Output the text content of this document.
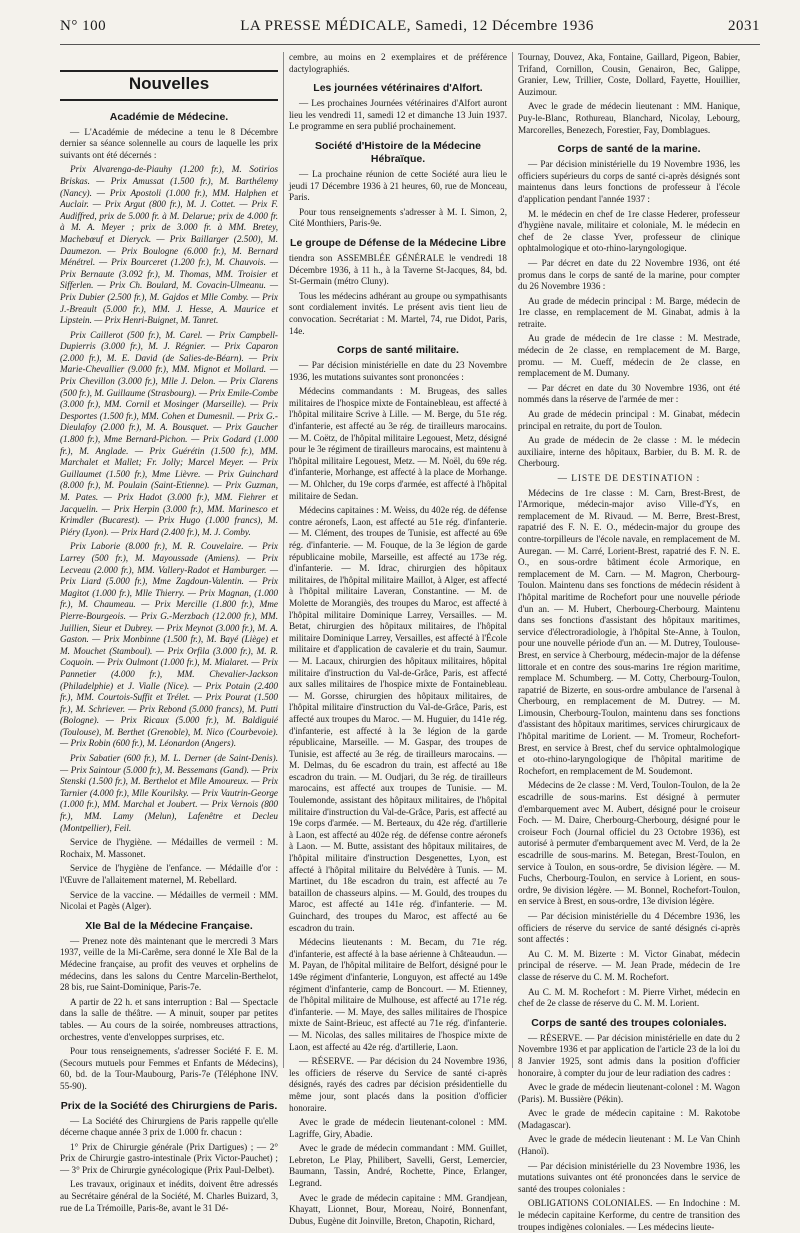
N° 100	LA PRESSE MÉDICALE, Samedi, 12 Décembre 1936	2031
Nouvelles
Académie de Médecine.

— L'Académie de médecine a tenu le 8 Décembre dernier sa séance solennelle au cours de laquelle les prix suivants ont été décernés :

Prix Alvarenga-de-Piauhy (1.200 fr.), M. Sotirios Briskas. — Prix Amussat (1.500 fr.), M. Barthélemy (Nancy). — Prix Apostoli (1.000 fr.), MM. Halphen et Auclair. — Prix Argut (800 fr.), M. J. Cottet. — Prix F. Audiffred, prix de 5.000 fr. à M. Delarue; prix de 4.000 fr. à M. A. Meyer ; prix de 3.000 fr. à MM. Bretey, Machebœuf et Dieryck. — Prix Baillarger (2.500), M. Daumezon. — Prix Boulogne (6.000 fr.), M. Bernard Ménétrel. — Prix Bourceret (1.200 fr.), M. Chauvois. — Prix Bernaute (3.092 fr.), M. Thomas, MM. Troisier et Sifferlen. — Prix Ch. Boulard, M. Covacin-Ulmeanu. — Prix Dubier (2.500 fr.), M. Gajdos et Mlle Comby. — Prix J.-Breault (5.000 fr.), MM. J. Hesse, A. Maurice et Lipstein. — Prix Henri-Buignet, M. Tanret.

Prix Caillerot (500 fr.), M. Carel. — Prix Campbell-Dupierris (3.000 fr.), M. J. Régnier. — Prix Caparon (2.000 fr.), M. E. David (de Salies-de-Béarn). — Prix Marie-Chevallier (9.000 fr.), MM. Mignot et Mollard. — Prix Chevillon (3.000 fr.), Mlle J. Delon. — Prix Clarens (500 fr.), M. Guillaume (Strasbourg). — Prix Emile-Combe (3.000 fr.), MM. Cornil et Mosinger (Marseille). — Prix Desportes (1.500 fr.), MM. Cohen et Dumesnil. — Prix G.-Dieulafoy (2.000 fr.), M. A. Bousquet. — Prix Gaucher (1.800 fr.), Mme Bernard-Pichon. — Prix Godard (1.000 fr.), M. Anglade. — Prix Guérétin (1.500 fr.), MM. Marchalet et Mallet; Fr. Jolly; Marcel Meyer. — Prix Guillaumet (1.500 fr.), Mme Lièvre. — Prix Guinchard (8.000 fr.), M. Poulain (Saint-Etienne). — Prix Guzman, M. Pates. — Prix Hadot (3.000 fr.), MM. Fiehrer et Jacquelin. — Prix Herpin (3.000 fr.), MM. Marinesco et Krimdler (Bucarest). — Prix Hugo (1.000 francs), M. Piéry (Lyon). — Prix Hard (2.400 fr.), M. J. Comby.

Prix Laborie (8.000 fr.), M. R. Couvelaire. — Prix Larrey (500 fr.), M. Mayoussade (Amiens). — Prix Lecveau (2.000 fr.), MM. Vallery-Radot et Hamburger. — Prix Liard (5.000 fr.), Mme Zagdoun-Valentin. — Prix Magitot (1.000 fr.), Mlle Thierry. — Prix Magnan, (1.000 fr.), M. Chaumeau. — Prix Mercille (1.800 fr.), Mme Pierre-Bourgeois. — Prix G.-Merzbach (12.000 fr.), MM. Juillien, Sieur et Dubrey. — Prix Meynot (3.000 fr.), M. A. Gaston. — Prix Monbinne (1.500 fr.), M. Bayé (Liège) et M. Mouchet (Stamboul). — Prix Orfila (3.000 fr.), M. R. Coquoin. — Prix Oulmont (1.000 fr.), M. Mialaret. — Prix Pannetier (4.000 fr.), MM. Chevalier-Jackson (Philadelphie) et J. Vialle (Nice). — Prix Potain (2.400 fr.), MM. Courtois-Suffit et Trélet. — Prix Pourat (1.500 fr.), M. Schriever. — Prix Rebond (5.000 francs), M. Putti (Bologne). — Prix Ricaux (5.000 fr.), M. Baldiguié (Toulouse), M. Berthet (Grenoble), M. Nico (Courbevoie). — Prix Robin (600 fr.), M. Léonardon (Angers).

Prix Sabatier (600 fr.), M. L. Derner (de Saint-Denis). — Prix Saintour (5.000 fr.), M. Bessemans (Gand). — Prix Stenski (1.500 fr.), M. Berthelot et Mlle Amoureux. — Prix Tarnier (4.000 fr.), Mlle Kourilsky. — Prix Vautrin-George (1.000 fr.), MM. Marchal et Joubert. — Prix Vernois (800 fr.), MM. Lamy (Melun), Lafenêtre et Decleu (Montpellier), Feil.

Service de l'hygiène. — Médailles de vermeil : M. Rochaix, M. Massonet.

Service de l'hygiène de l'enfance. — Médaille d'or : l'Œuvre de l'allaitement maternel, M. Rebellard.

Service de la vaccine. — Médailles de vermeil : MM. Nicolai et Pagès (Alger).

XIe Bal de la Médecine Française.

— Prenez note dès maintenant que le mercredi 3 Mars 1937, veille de la Mi-Carême, sera donné le XIe Bal de la Médecine française, au profit des veuves et orphelins de médecins, dans les salons du Centre Marcelin-Berthelot, 28 bis, rue Saint-Dominique, Paris-7e.

A partir de 22 h. et sans interruption : Bal — Spectacle dans la salle de théâtre. — A minuit, souper par petites tables. — Au cours de la soirée, nombreuses attractions, orchestres, vente d'enveloppes surprises, etc.

Pour tous renseignements, s'adresser Société F. E. M. (Secours mutuels pour Femmes et Enfants de Médecins), 60, bd. de la Tour-Maubourg, Paris-7e (Téléphone INV. 55-90).

Prix de la Société des Chirurgiens de Paris.

— La Société des Chirurgiens de Paris rappelle qu'elle décerne chaque année 3 prix de 1.000 fr. chacun :

1° Prix de Chirurgie générale (Prix Dartigues) ; — 2° Prix de Chirurgie gastro-intestinale (Prix Victor-Pauchet) ; — 3° Prix de Chirurgie gynécologique (Prix Paul-Delbet).

Les travaux, originaux et inédits, doivent être adressés au Secrétaire général de la Société, M. Charles Buizard, 3, rue de La Trémoille, Paris-8e, avant le 31 Dé-

cembre, au moins en 2 exemplaires et de préférence dactylographiés.

Les journées vétérinaires d'Alfort.

— Les prochaines Journées vétérinaires d'Alfort auront lieu les vendredi 11, samedi 12 et dimanche 13 Juin 1937. Le programme en sera publié prochainement.

Société d'Histoire de la Médecine Hébraïque.

— La prochaine réunion de cette Société aura lieu le jeudi 17 Décembre 1936 à 21 heures, 60, rue de Monceau, Paris.

Pour tous renseignements s'adresser à M. I. Simon, 2, Cité Monthiers, Paris-9e.

Le groupe de Défense de la Médecine Libre

tiendra son ASSEMBLÉE GÉNÉRALE le vendredi 18 Décembre 1936, à 11 h., à la Taverne St-Jacques, 84, bd. St-Germain (métro Cluny).

Tous les médecins adhérant au groupe ou sympathisants sont cordialement invités. Le présent avis tient lieu de convocation. Secrétariat : M. Martel, 74, rue Didot, Paris, 14e.

Corps de santé militaire.

— Par décision ministérielle en date du 23 Novembre 1936, les mutations suivantes sont prononcées :

Médecins commandants : M. Brugeas, des salles militaires de l'hospice mixte de Fontainebleau, est affecté à l'hôpital militaire Scrive à Lille. — M. Berge, du 51e rég. d'infanterie, est affecté au 3e rég. de tirailleurs marocains. — M. Coëtz, de l'hôpital militaire Legouest, Metz, désigné pour le 3e régiment de tirailleurs marocains, est maintenu à l'hôpital militaire Legouest, Metz. — M. Noël, du 69e rég. d'infanterie, Morhange, est affecté à la place de Morhange. — M. Ohlcher, du 19e corps d'armée, est affecté à l'hôpital militaire de Sedan.

Médecins capitaines : M. Weiss, du 402e rég. de défense contre aéronefs, Laon, est affecté au 51e rég. d'infanterie. — M. Clément, des troupes de Tunisie, est affecté au 69e rég. d'infanterie. — M. Fouque, de la 3e légion de garde républicaine mobile, Marseille, est affecté au 173e rég. d'infanterie. — M. Idrac, chirurgien des hôpitaux militaires, de l'hôpital militaire Maillot, à Alger, est affecté à l'hôpital militaire Laveran, Constantine. — M. de Molette de Morangiès, des troupes du Maroc, est affecté à l'hôpital militaire Dominique Larrey, Versailles. — M. Betat, chirurgien des hôpitaux militaires, de l'hôpital militaire Dominique Larrey, Versailles, est affecté à l'École militaire et d'application de cavalerie et du train, Saumur. — M. Lacaux, chirurgien des hôpitaux militaires, hôpital militaire d'instruction du Val-de-Grâce, Paris, est affecté aux salles militaires de l'hospice mixte de Fontainebleau. — M. Gorsse, chirurgien des hôpitaux militaires, de l'hôpital militaire d'instruction du Val-de-Grâce, Paris, est affecté aux troupes du Maroc. — M. Huguier, du 141e rég. d'infanterie, est affecté à la 3e légion de la garde républicaine, Marseille. — M. Gaspar, des troupes de Tunisie, est affecté au 3e rég. de tirailleurs marocains. — M. Delmas, du 6e escadron du train, est affecté au 18e escadron du train. — M. Oudjari, du 3e rég. de tirailleurs marocains, est affecté aux troupes de Tunisie. — M. Toulemonde, assistant des hôpitaux militaires, de l'hôpital militaire d'instruction du Val-de-Grâce, Paris, est affecté au 19e corps d'armée. — M. Berteaux, du 42e rég. d'artillerie à Laon, est affecté au 402e rég. de défense contre aéronefs à Laon. — M. Butte, assistant des hôpitaux militaires, de l'hôpital militaire d'instruction Desgenettes, Lyon, est affecté à l'hôpital militaire du Belvédère à Tunis. — M. Martinet, du 18e escadron du train, est affecté au 7e bataillon de chasseurs alpins. — M. Gould, des troupes du Maroc, est affecté au 141e rég. d'infanterie. — M. Guinchard, des troupes du Maroc, est affecté au 6e escadron du train.

Médecins lieutenants : M. Becam, du 71e rég. d'infanterie, est affecté à la base aérienne à Châteaudun. — M. Payan, de l'hôpital militaire de Belfort, désigné pour le 149e régiment d'infanterie, Longuyon, est affecté au 149e régiment d'infanterie, camp de Boncourt. — M. Etienney, de l'hôpital militaire de Mulhouse, est affecté au 171e rég. d'infanterie. — M. Maye, des salles militaires de l'hospice mixte de Saint-Brieuc, est affecté au 71e rég. d'infanterie. — M. Nicolas, des salles militaires de l'hospice mixte de Laon, est affecté au 42e rég. d'artillerie, Laon.

— RÉSERVE. — Par décision du 24 Novembre 1936, les officiers de réserve du Service de santé ci-après désignés, rayés des cadres par décision présidentielle du même jour, sont placés dans la position d'officier honoraire.

Avec le grade de médecin lieutenant-colonel : MM. Lagriffe, Giry, Abadie.

Avec le grade de médecin commandant : MM. Guillet, Lebreton, Le Play, Philibert, Savelli, Gerst, Lemercier, Baumann, Tassin, André, Rochette, Pince, Erlanger, Legrand.

Avec le grade de médecin capitaine : MM. Grandjean, Khayatt, Lionnet, Bour, Moreau, Noiré, Bonnenfant, Dubus, Eugène dit Joinville, Breton, Chapotin, Richard,

Tournay, Douvez, Aka, Fontaine, Gaillard, Pigeon, Babier, Trifand, Cornillon, Cousin, Genairon, Bec, Galippe, Granier, Lew, Trillier, Coste, Dollard, Fayette, Houillier, Auzimour.

Avec le grade de médecin lieutenant : MM. Hanique, Puy-le-Blanc, Rothureau, Blanchard, Nicolay, Lebourg, Marcorelles, Benezech, Forestier, Fay, Domblagues.

Corps de santé de la marine.

— Par décision ministérielle du 19 Novembre 1936, les officiers supérieurs du corps de santé ci-après désignés sont maintenus dans leurs fonctions de professeur à l'école d'application pendant l'année 1937 :

M. le médecin en chef de 1re classe Hederer, professeur d'hygiène navale, militaire et coloniale, M. le médecin en chef de 2e classe Yver, professeur de clinique ophtalmologique et oto-rhino-laryngologique.

— Par décret en date du 22 Novembre 1936, ont été promus dans le corps de santé de la marine, pour compter du 26 Novembre 1936 :

Au grade de médecin principal : M. Barge, médecin de 1re classe, en remplacement de M. Ginabat, admis à la retraite.

Au grade de médecin de 1re classe : M. Mestrade, médecin de 2e classe, en remplacement de M. Barge, promu. — M. Cueff, médecin de 2e classe, en remplacement de M. Dumany.

— Par décret en date du 30 Novembre 1936, ont été nommés dans la réserve de l'armée de mer :

Au grade de médecin principal : M. Ginabat, médecin principal en retraite, du port de Toulon.

Au grade de médecin de 2e classe : M. le médecin auxiliaire, interne des hôpitaux, Barbier, du B. M. R. de Cherbourg.

— LISTE DE DESTINATION :

Médecins de 1re classe : M. Carn, Brest-Brest, de l'Armorique, médecin-major aviso Ville-d'Ys, en remplacement de M. Rivaud. — M. Berre, Brest-Brest, rapatrié des F. N. E. O., médecin-major du groupe des contre-torpilleurs de l'école navale, en remplacement de M. Auregan. — M. Carré, Lorient-Brest, rapatrié des F. N. E. O., en sous-ordre bâtiment école Armorique, en remplacement de M. Carn. — M. Magron, Cherbourg-Toulon. Maintenu dans ses fonctions de médecin résident à l'hôpital maritime de Rochefort pour une nouvelle période d'un an. — M. Hubert, Cherbourg-Cherbourg. Maintenu dans ses fonctions d'assistant des hôpitaux maritimes, service d'électroradiologie, à l'hôpital Ste-Anne, à Toulon, pour une nouvelle période d'un an. — M. Dutrey, Toulouse-Brest, en service à Cherbourg, médecin-major de la défense littorale et en contre des sous-marins 1re région maritime, remplace M. Schumberg. — M. Cotty, Cherbourg-Toulon, rapatrié de Bizerte, en sous-ordre ambulance de l'arsenal à Cherbourg, en remplacement de M. Dutrey. — M. Limousin, Cherbourg-Toulon, maintenu dans ses fonctions d'assistant des hôpitaux maritimes, services chirurgicaux de l'hôpital maritime de Lorient. — M. Tromeur, Rochefort-Brest, en service à Brest, chef du service ophtalmologique et oto-rhino-laryngologique de l'hôpital maritime de Rochefort, en remplacement de M. Soudemont.

Médecins de 2e classe : M. Verd, Toulon-Toulon, de la 2e escadrille de sous-marins. Est désigné à permuter d'embarquement avec M. Aubert, désigné pour le croiseur Foch. — M. Daire, Cherbourg-Cherbourg, désigné pour le croiseur Foch (Journal officiel du 23 Octobre 1936), est autorisé à permuter d'embarquement avec M. Verd, de la 2e escadrille de sous-marins. M. Betegan, Brest-Toulon, en service à Toulon, en sous-ordre, 5e division légère. — M. Fuchs, Cherbourg-Toulon, en service à Lorient, en sous-ordre, 9e division légère. — M. Bonnel, Rochefort-Toulon, en service à Brest, en sous-ordre, 13e division légère.

— Par décision ministérielle du 4 Décembre 1936, les officiers de réserve du service de santé désignés ci-après sont affectés :

Au C. M. M. Bizerte : M. Victor Ginabat, médecin principal de réserve. — M. Jean Prade, médecin de 1re classe de réserve du C. M. M. Rochefort.

Au C. M. M. Rochefort : M. Pierre Virhet, médecin en chef de 2e classe de réserve du C. M. M. Lorient.

Corps de santé des troupes coloniales.

— RÉSERVE. — Par décision ministérielle en date du 2 Novembre 1936 et par application de l'article 23 de la loi du 8 Janvier 1925, sont admis dans la position d'officier honoraire, à compter du jour de leur radiation des cadres :

Avec le grade de médecin lieutenant-colonel : M. Wagon (Paris). M. Bussière (Pékin).

Avec le grade de médecin capitaine : M. Rakotobe (Madagascar).

Avec le grade de médecin lieutenant : M. Le Van Chinh (Hanoï).

— Par décision ministérielle du 23 Novembre 1936, les mutations suivantes ont été prononcées dans le service de santé des troupes coloniales :

OBLIGATIONS COLONIALES. — En Indochine : M. le médecin capitaine Kerforme, du centre de transition des troupes indigènes coloniales. — Les médecins lieute-
